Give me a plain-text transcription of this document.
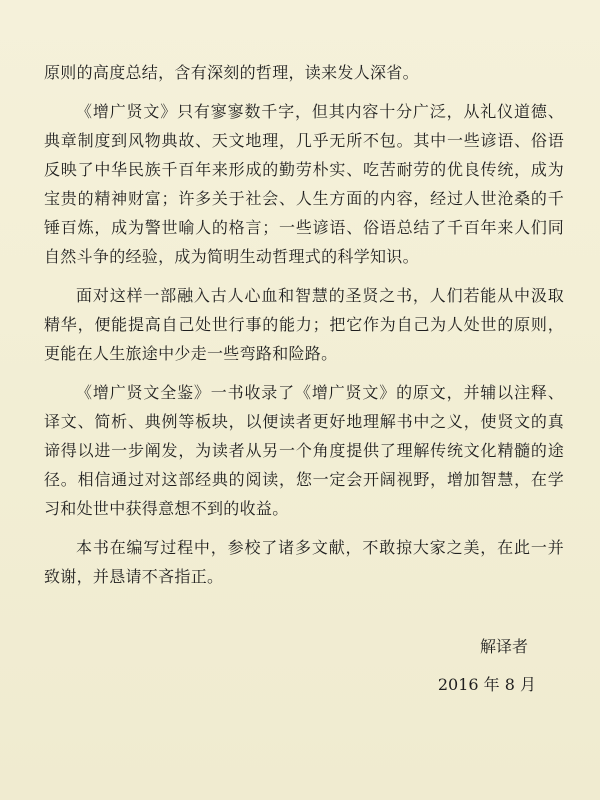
原则的高度总结，含有深刻的哲理，读来发人深省。

《增广贤文》只有寥寥数千字，但其内容十分广泛，从礼仪道德、典章制度到风物典故、天文地理，几乎无所不包。其中一些谚语、俗语反映了中华民族千百年来形成的勤劳朴实、吃苦耐劳的优良传统，成为宝贵的精神财富；许多关于社会、人生方面的内容，经过人世沧桑的千锤百炼，成为警世喻人的格言；一些谚语、俗语总结了千百年来人们同自然斗争的经验，成为简明生动哲理式的科学知识。

面对这样一部融入古人心血和智慧的圣贤之书，人们若能从中汲取精华，便能提高自己处世行事的能力；把它作为自己为人处世的原则，更能在人生旅途中少走一些弯路和险路。

《增广贤文全鉴》一书收录了《增广贤文》的原文，并辅以注释、译文、简析、典例等板块，以便读者更好地理解书中之义，使贤文的真谛得以进一步阐发，为读者从另一个角度提供了理解传统文化精髓的途径。相信通过对这部经典的阅读，您一定会开阔视野，增加智慧，在学习和处世中获得意想不到的收益。

本书在编写过程中，参校了诸多文献，不敢掠大家之美，在此一并致谢，并恳请不吝指正。

解译者
2016 年 8 月
